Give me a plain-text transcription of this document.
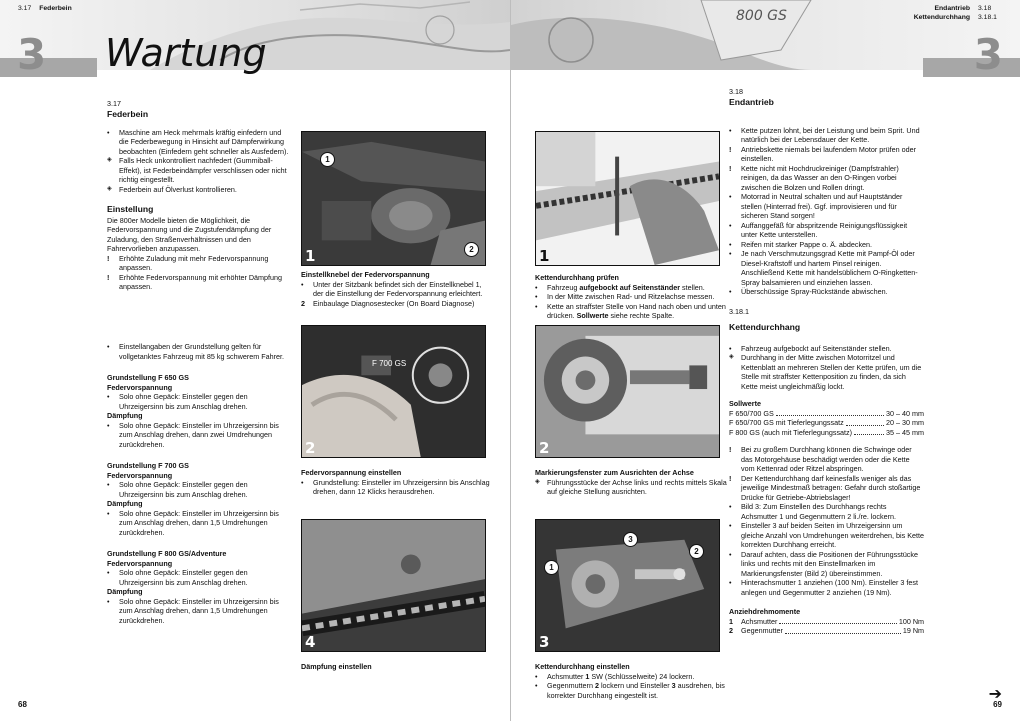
3.17 Federbein
3 Wartung
3.17
Federbein
• Maschine am Heck mehrmals kräftig einfedern und die Federbewegung in Hinsicht auf Dämpferwirkung beobachten (Einfedern geht schneller als Ausfedern).
◈ Falls Heck unkontrolliert nachfedert (Gummiball-Effekt), ist Federbeindämpfer verschlissen oder nicht richtig eingestellt.
◈ Federbein auf Ölverlust kontrollieren.
Einstellung

Die 800er Modelle bieten die Möglichkeit, die Federvorspannung und die Zugstufendämpfung der Zuladung, den Straßenverhältnissen und den Fahrervorlieben anzupassen.

! Erhöhte Zuladung mit mehr Federvorspannung anpassen.
! Erhöhte Federvorspannung mit erhöhter Dämpfung anpassen.
• Einstellangaben der Grundstellung gelten für vollgetanktes Fahrzeug mit 85 kg schwerem Fahrer.
Grundstellung F 650 GS
Federvorspannung
• Solo ohne Gepäck: Einsteller gegen den Uhrzeigersinn bis zum Anschlag drehen.
Dämpfung
• Solo ohne Gepäck: Einsteller im Uhrzeigersinn bis zum Anschlag drehen, dann zwei Umdrehungen zurückdrehen.
Grundstellung F 700 GS
Federvorspannung
• Solo ohne Gepäck: Einsteller gegen den Uhrzeigersinn bis zum Anschlag drehen.
Dämpfung
• Solo ohne Gepäck: Einsteller im Uhrzeigersinn bis zum Anschlag drehen, dann 1,5 Umdrehungen zurückdrehen.
Grundstellung F 800 GS/Adventure
Federvorspannung
• Solo ohne Gepäck: Einsteller gegen den Uhrzeigersinn bis zum Anschlag drehen.
Dämpfung
• Solo ohne Gepäck: Einsteller im Uhrzeigersinn bis zum Anschlag drehen, dann 1,5 Umdrehungen zurückdrehen.
1
2
1
Einstellknebel der Federvorspannung
• Unter der Sitzbank befindet sich der Einstellknebel 1, der die Einstellung der Federvorspannung erleichtert.
2 Einbaulage Diagnosestecker (On Board Diagnose)
F 700 GS
2
Federvorspannung einstellen
• Grundstellung: Einsteller im Uhrzeigersinn bis Anschlag drehen, dann 12 Klicks herausdrehen.
4
Dämpfung einstellen
68
800 GS	Endantrieb 3.18
Kettendurchhang 3.18.1
3
1
Kettendurchhang prüfen
• Fahrzeug aufgebockt auf Seitenständer stellen.
• In der Mitte zwischen Rad- und Ritzelachse messen.
• Kette an straffster Stelle von Hand nach oben und unten drücken. Sollwerte siehe rechte Spalte.
2
Markierungsfenster zum Ausrichten der Achse
◈ Führungsstücke der Achse links und rechts mittels Skala auf gleiche Stellung ausrichten.
1
2
3
3
Kettendurchhang einstellen
• Achsmutter 1 SW (Schlüsselweite) 24 lockern.
• Gegenmuttern 2 lockern und Einsteller 3 ausdrehen, bis korrekter Durchhang eingestellt ist.
3.18
Endantrieb
• Kette putzen lohnt, bei der Leistung und beim Sprit. Und natürlich bei der Lebensdauer der Kette.
! Antriebskette niemals bei laufendem Motor prüfen oder einstellen.
! Kette nicht mit Hochdruckreiniger (Dampfstrahler) reinigen, da das Wasser an den O-Ringen vorbei zwischen die Bolzen und Rollen dringt.
• Motorrad in Neutral schalten und auf Hauptständer stellen (Hinterrad frei). Ggf. improvisieren und für sicheren Stand sorgen!
• Auffanggefäß für abspritzende Reinigungsflüssigkeit unter Kette unterstellen.
• Reifen mit starker Pappe o. Ä. abdecken.
• Je nach Verschmutzungsgrad Kette mit Pampf-Öl oder Diesel-Kraftstoff und hartem Pinsel reinigen. Anschließend Kette mit handelsüblichem O-Ringketten-Spray balsamieren und einziehen lassen.
• Überschüssige Spray-Rückstände abwischen.
3.18.1
Kettendurchhang
• Fahrzeug aufgebockt auf Seitenständer stellen.
◈ Durchhang in der Mitte zwischen Motorritzel und Kettenblatt an mehreren Stellen der Kette prüfen, um die Stelle mit straffster Kettenposition zu finden, da sich Kette meist ungleichmäßig lockt.
Sollwerte
F 650/700 GS	30 – 40 mm
F 650/700 GS mit Tieferlegungssatz	20 – 30 mm
F 800 GS (auch mit Tieferlegungssatz)	35 – 45 mm
! Bei zu großem Durchhang können die Schwinge oder das Motorgehäuse beschädigt werden oder die Kette vom Kettenrad oder Ritzel abspringen.
! Der Kettendurchhang darf keinesfalls weniger als das jeweilige Mindestmaß betragen: Gefahr durch stoßartige Drücke für Getriebe-Abtriebslager!
• Bild 3: Zum Einstellen des Durchhangs rechts Achsmutter 1 und Gegenmuttern 2 li./re. lockern.
• Einsteller 3 auf beiden Seiten im Uhrzeigersinn um gleiche Anzahl von Umdrehungen weiterdrehen, bis Kette korrekten Durchhang erreicht.
• Darauf achten, dass die Positionen der Führungsstücke links und rechts mit den Einstellmarken im Markierungsfenster (Bild 2) übereinstimmen.
• Hinterachsmutter 1 anziehen (100 Nm). Einsteller 3 fest anlegen und Gegenmutter 2 anziehen (19 Nm).
Anziehdrehmomente
1	Achsmutter	100 Nm
2	Gegenmutter	19 Nm
➔
69
